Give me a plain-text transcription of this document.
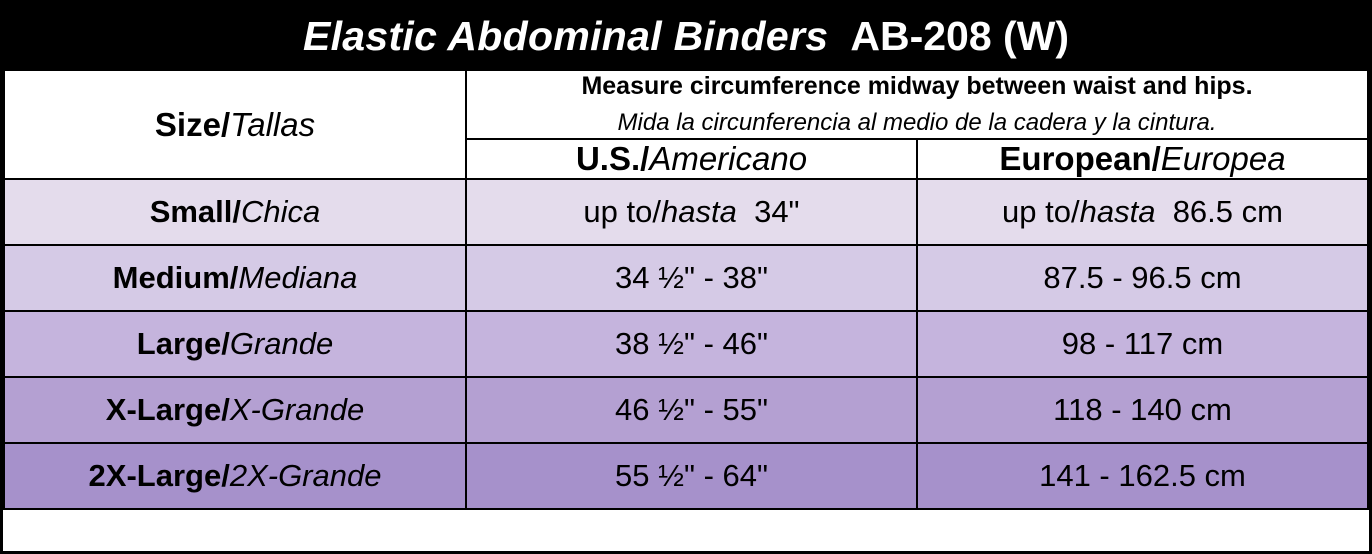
Elastic Abdominal Binders AB-208 (W)
Size/Tallas	Measure circumference midway between waist and hips.
Mida la circunferencia al medio de la cadera y la cintura.	

	U.S./Americano	European/Europea
Small/Chica	up to/hasta 34"	up to/hasta 86.5 cm
Medium/Mediana	34 ½" - 38"	87.5 - 96.5 cm
Large/Grande	38 ½" - 46"	98 - 117 cm
X-Large/X-Grande	46 ½" - 55"	118 - 140 cm
2X-Large/2X-Grande	55 ½" - 64"	141 - 162.5 cm
